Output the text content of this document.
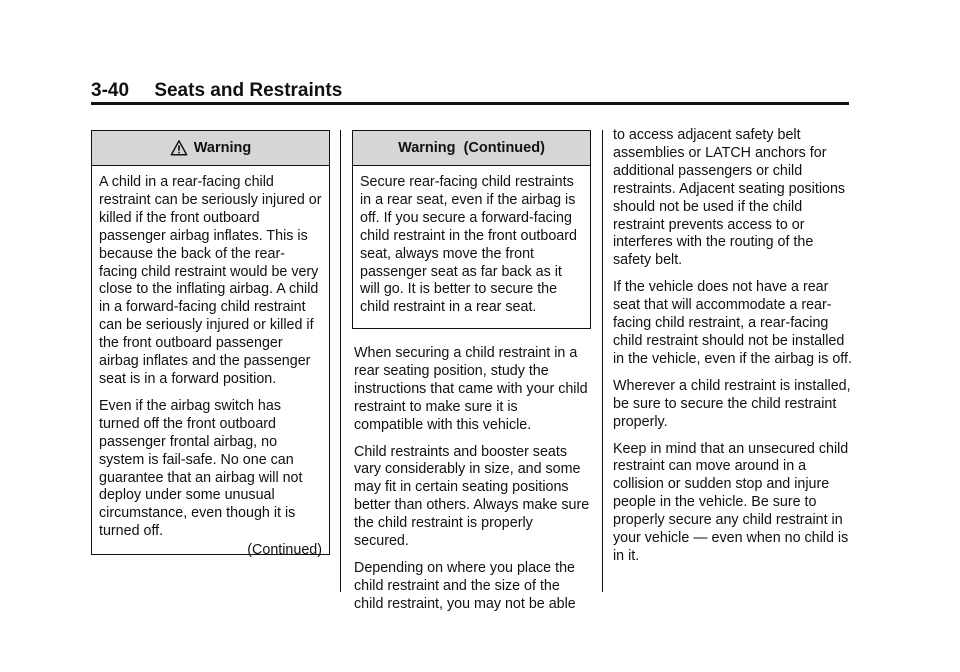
3-40 Seats and Restraints
Warning

A child in a rear-facing child restraint can be seriously injured or killed if the front outboard passenger airbag inflates. This is because the back of the rear-facing child restraint would be very close to the inflating airbag. A child in a forward-facing child restraint can be seriously injured or killed if the front outboard passenger airbag inflates and the passenger seat is in a forward position.

Even if the airbag switch has turned off the front outboard passenger frontal airbag, no system is fail-safe. No one can guarantee that an airbag will not deploy under some unusual circumstance, even though it is turned off.

(Continued)
Warning  (Continued)

Secure rear-facing child restraints in a rear seat, even if the airbag is off. If you secure a forward-facing child restraint in the front outboard seat, always move the front passenger seat as far back as it will go. It is better to secure the child restraint in a rear seat.

When securing a child restraint in a rear seating position, study the instructions that came with your child restraint to make sure it is compatible with this vehicle.

Child restraints and booster seats vary considerably in size, and some may fit in certain seating positions better than others. Always make sure the child restraint is properly secured.

Depending on where you place the child restraint and the size of the child restraint, you may not be able

to access adjacent safety belt assemblies or LATCH anchors for additional passengers or child restraints. Adjacent seating positions should not be used if the child restraint prevents access to or interferes with the routing of the safety belt.

If the vehicle does not have a rear seat that will accommodate a rear-facing child restraint, a rear-facing child restraint should not be installed in the vehicle, even if the airbag is off.

Wherever a child restraint is installed, be sure to secure the child restraint properly.

Keep in mind that an unsecured child restraint can move around in a collision or sudden stop and injure people in the vehicle. Be sure to properly secure any child restraint in your vehicle — even when no child is in it.
